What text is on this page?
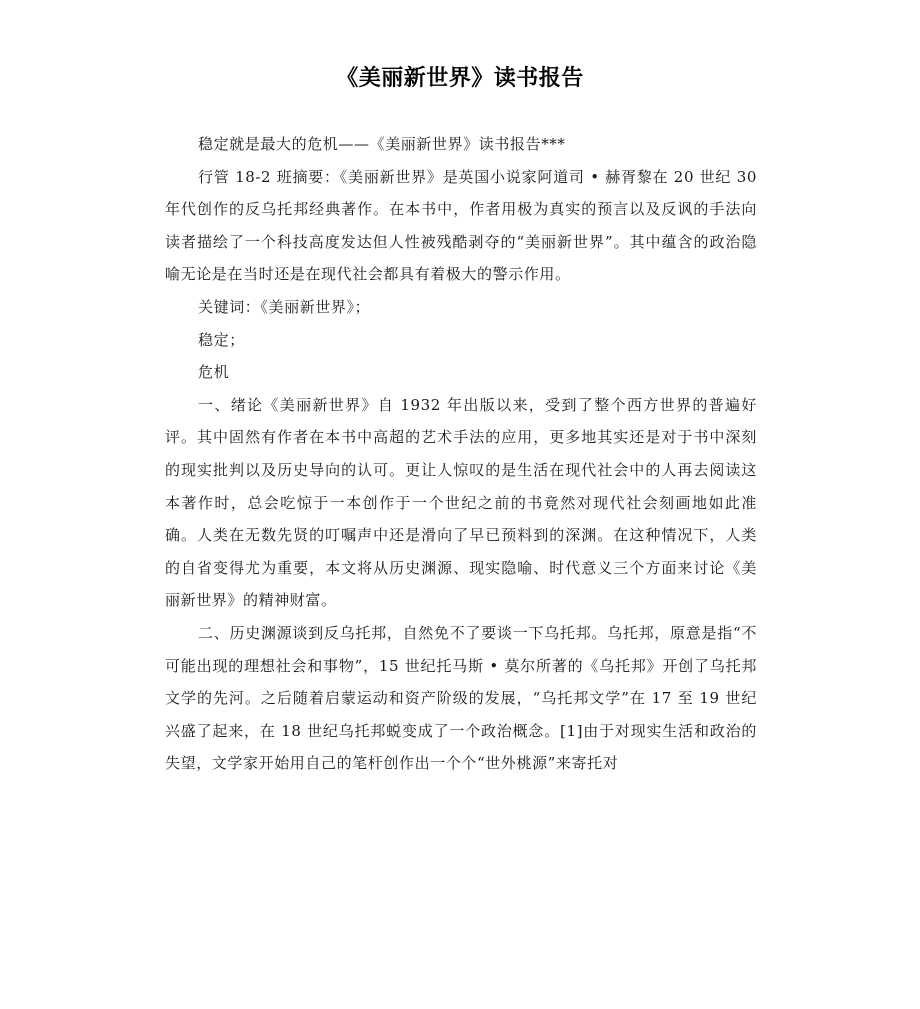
《美丽新世界》读书报告

稳定就是最大的危机——《美丽新世界》读书报告***

行管 18-2 班摘要：《美丽新世界》是英国小说家阿道司 • 赫胥黎在 20 世纪 30 年代创作的反乌托邦经典著作。在本书中，作者用极为真实的预言以及反讽的手法向读者描绘了一个科技高度发达但人性被残酷剥夺的“美丽新世界”。其中蕴含的政治隐喻无论是在当时还是在现代社会都具有着极大的警示作用。

关键词：《美丽新世界》；

稳定；

危机

一、绪论《美丽新世界》自 1932 年出版以来，受到了整个西方世界的普遍好评。其中固然有作者在本书中高超的艺术手法的应用，更多地其实还是对于书中深刻的现实批判以及历史导向的认可。更让人惊叹的是生活在现代社会中的人再去阅读这本著作时，总会吃惊于一本创作于一个世纪之前的书竟然对现代社会刻画地如此准确。人类在无数先贤的叮嘱声中还是滑向了早已预料到的深渊。在这种情况下，人类的自省变得尤为重要，本文将从历史渊源、现实隐喻、时代意义三个方面来讨论《美丽新世界》的精神财富。

二、历史渊源谈到反乌托邦，自然免不了要谈一下乌托邦。乌托邦，原意是指“不可能出现的理想社会和事物”，15 世纪托马斯 • 莫尔所著的《乌托邦》开创了乌托邦文学的先河。之后随着启蒙运动和资产阶级的发展，“乌托邦文学”在 17 至 19 世纪兴盛了起来，在 18 世纪乌托邦蜕变成了一个政治概念。[1]由于对现实生活和政治的失望，文学家开始用自己的笔杆创作出一个个“世外桃源”来寄托对
